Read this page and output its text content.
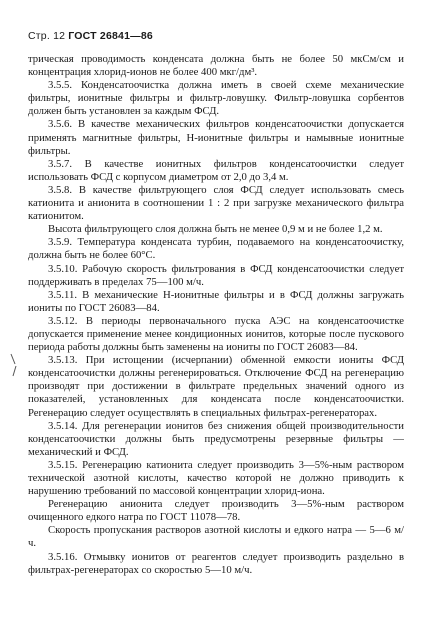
Стр. 12 ГОСТ 26841—86

трическая проводимость конденсата должна быть не более 50 мкСм/см и концентрация хлорид-ионов не более 400 мкг/дм³.

3.5.5. Конденсатоочистка должна иметь в своей схеме механические фильтры, ионитные фильтры и фильтр-ловушку. Фильтр-ловушка сорбентов должен быть установлен за каждым ФСД.

3.5.6. В качестве механических фильтров конденсатоочистки допускается применять магнитные фильтры, Н-ионитные фильтры и намывные ионитные фильтры.

3.5.7. В качестве ионитных фильтров конденсатоочистки следует использовать ФСД с корпусом диаметром от 2,0 до 3,4 м.

3.5.8. В качестве фильтрующего слоя ФСД следует использовать смесь катионита и анионита в соотношении 1 : 2 при загрузке механического фильтра катионитом.

Высота фильтрующего слоя должна быть не менее 0,9 м и не более 1,2 м.

3.5.9. Температура конденсата турбин, подаваемого на конденсатоочистку, должна быть не более 60°С.

3.5.10. Рабочую скорость фильтрования в ФСД конденсатоочистки следует поддерживать в пределах 75—100 м/ч.

3.5.11. В механические Н-ионитные фильтры и в ФСД должны загружать иониты по ГОСТ 26083—84.

3.5.12. В периоды первоначального пуска АЭС на конденсатоочистке допускается применение менее кондиционных ионитов, которые после пускового периода работы должны быть заменены на иониты по ГОСТ 26083—84.

3.5.13. При истощении (исчерпании) обменной емкости иониты ФСД конденсатоочистки должны регенерироваться. Отключение ФСД на регенерацию производят при достижении в фильтрате предельных значений одного из показателей, установленных для конденсата после конденсатоочистки. Регенерацию следует осуществлять в специальных фильтрах-регенераторах.

3.5.14. Для регенерации ионитов без снижения общей производительности конденсатоочистки должны быть предусмотрены резервные фильтры — механический и ФСД.

3.5.15. Регенерацию катионита следует производить 3—5%-ным раствором технической азотной кислоты, качество которой не должно приводить к нарушению требований по массовой концентрации хлорид-иона.

Регенерацию анионита следует производить 3—5%-ным раствором очищенного едкого натра по ГОСТ 11078—78.

Скорость пропускания растворов азотной кислоты и едкого натра — 5—6 м/ч.

3.5.16. Отмывку ионитов от реагентов следует производить раздельно в фильтрах-регенераторах со скоростью 5—10 м/ч.
